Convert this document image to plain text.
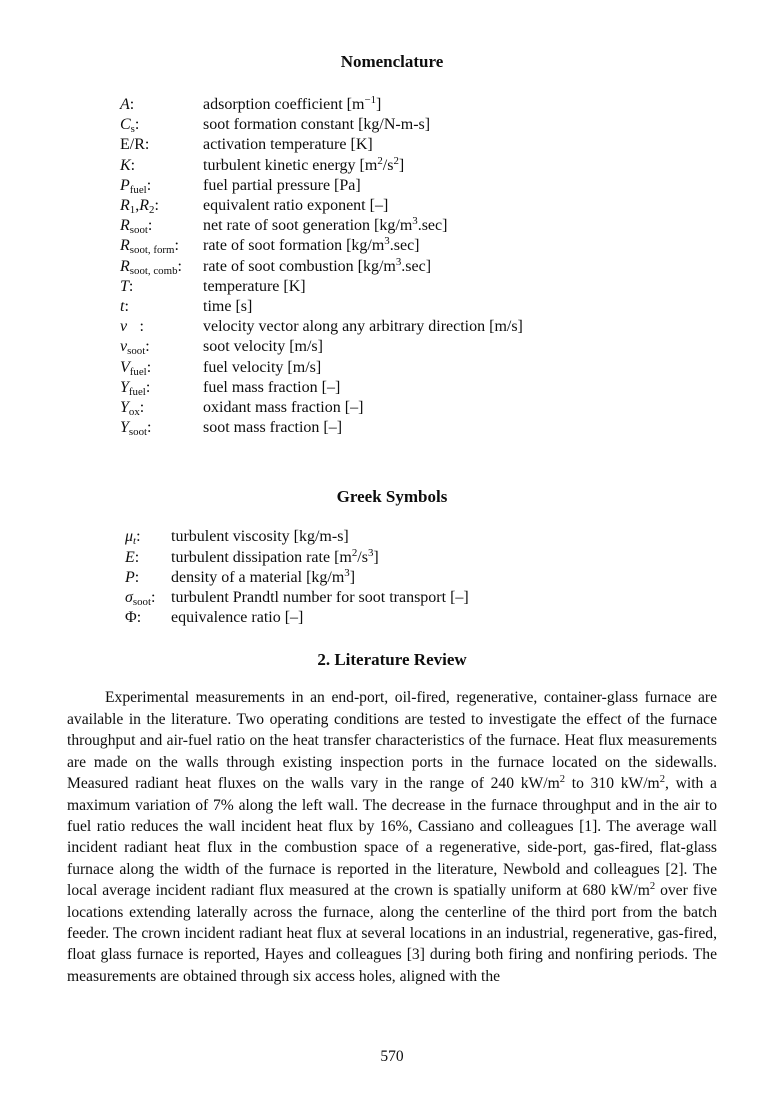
Nomenclature
A:	adsorption coefficient $[m^{-1}]$
$C_s$:	soot formation constant [kg/N-m-s]
E/R:	activation temperature [K]
K:	turbulent kinetic energy $[m^2/s^2]$
$P_{fuel}$:	fuel partial pressure [Pa]
$R_1,R_2$:	equivalent ratio exponent [–]
$R_{soot}$:	net rate of soot generation $[kg/m^3.\sec]$
$R_{soot, form}$:	rate of soot formation $[kg/m^3.\sec]$
$R_{soot, comb}$:	rate of soot combustion $[kg/m^3.\sec]$
T:	temperature [K]
t:	time [s]
v⃗:	velocity vector along any arbitrary direction [m/s]
$v_{soot}$:	soot velocity [m/s]
$V_{fuel}$:	fuel velocity [m/s]
$Y_{fuel}$:	fuel mass fraction [–]
$Y_{ox}$:	oxidant mass fraction [–]
$Y_{soot}$:	soot mass fraction [–]
Greek Symbols
$\mu_t$:	turbulent viscosity [kg/m-s]
E:	turbulent dissipation rate $[m^2/s^3]$
P:	density of a material $[kg/m^3]$
$\sigma_{soot}$: turbulent Prandtl number for soot transport [–]
Φ:	equivalence ratio [–]
2. Literature Review

Experimental measurements in an end-port, oil-fired, regenerative, container-glass furnace are available in the literature. Two operating conditions are tested to investigate the effect of the furnace throughput and air-fuel ratio on the heat transfer characteristics of the furnace. Heat flux measurements are made on the walls through existing inspection ports in the furnace located on the sidewalls. Measured radiant heat fluxes on the walls vary in the range of 240 $kW/m^2$ to 310 $kW/m^2$, with a maximum variation of 7% along the left wall. The decrease in the furnace throughput and in the air to fuel ratio reduces the wall incident heat flux by 16%, Cassiano and colleagues [1]. The average wall incident radiant heat flux in the combustion space of a regenerative, side-port, gas-fired, flat-glass furnace along the width of the furnace is reported in the literature, Newbold and colleagues [2]. The local average incident radiant flux measured at the crown is spatially uniform at 680 $kW/m^2$ over five locations extending laterally across the furnace, along the centerline of the third port from the batch feeder. The crown incident radiant heat flux at several locations in an industrial, regenerative, gas-fired, float glass furnace is reported, Hayes and colleagues [3] during both firing and nonfiring periods. The measurements are obtained through six access holes, aligned with the

570
